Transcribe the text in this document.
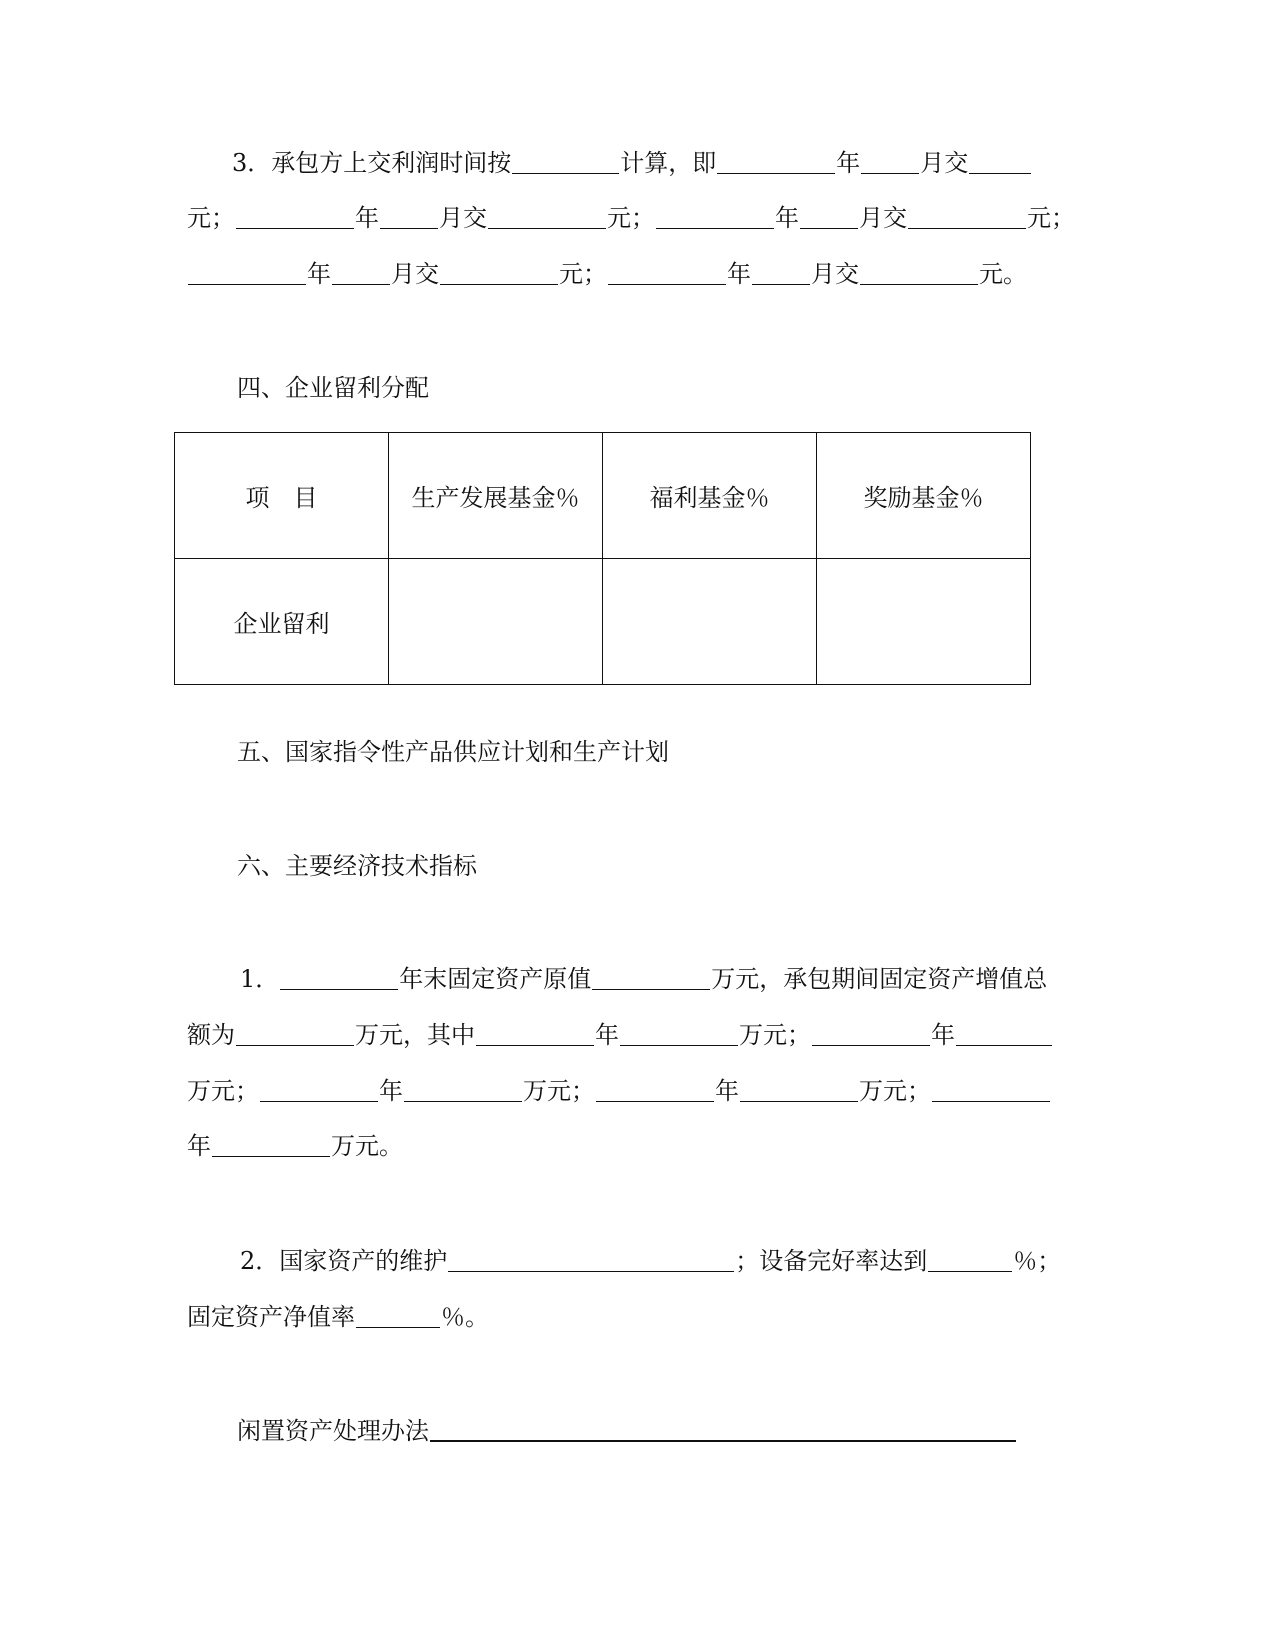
3． 承包方上交利润时间按	计算，即	年	月交
元；	年	月交	元；	年	月交	元；
年	月交	元；	年	月交	元。
四、企业留利分配
项　目	生产发展基金％	福利基金％	奖励基金％
企业留利			
五、国家指令性产品供应计划和生产计划
六、主要经济技术指标
1．	年末固定资产原值	万元，承包期间固定资产增值总
额为	万元，其中	年	万元；	年
万元；	年	万元；	年	万元；
年	万元。
2． 国家资产的维护	；设备完好率达到	％；
固定资产净值率	％。
闲置资产处理办法
